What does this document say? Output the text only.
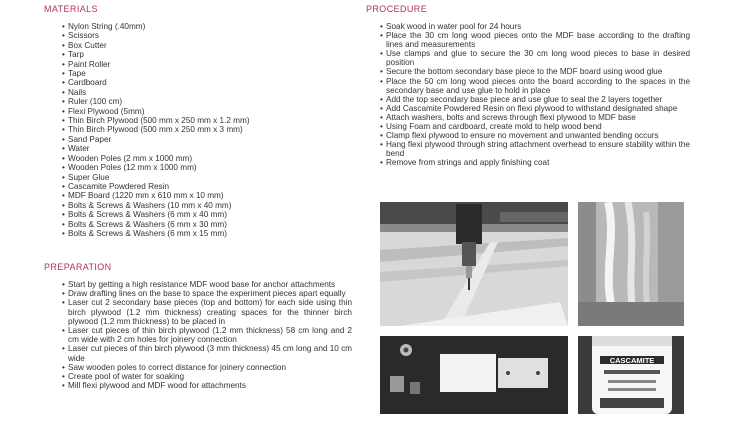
MATERIALS
• Nylon String (.40mm)
• Scissors
• Box Cutter
• Tarp
• Paint Roller
• Tape
• Cardboard
• Nails
• Ruler (100 cm)
• Flexi Plywood (5mm)
• Thin Birch Plywood (500 mm x 250 mm x 1.2 mm)
• Thin Birch Plywood (500 mm x 250 mm x 3 mm)
• Sand Paper
• Water
• Wooden Poles (2 mm x 1000 mm)
• Wooden Poles (12 mm x 1000 mm)
• Super Glue
• Cascamite Powdered Resin
• MDF Board (1220 mm x 610 mm x 10 mm)
• Bolts & Screws & Washers (10 mm x 40 mm)
• Bolts & Screws & Washers (6 mm x 40 mm)
• Bolts & Screws & Washers (6 mm x 30 mm)
• Bolts & Screws & Washers (6 mm x 15 mm)
PREPARATION
• Start by getting a high resistance MDF wood base for anchor attachments
• Draw drafting lines on the base to space the experiment pieces apart equally
• Laser cut 2 secondary base pieces (top and bottom) for each side using thin birch plywood (1.2 mm thickness) creating spaces for the thinner birch plywood (1.2 mm thickness) to be placed in
• Laser cut pieces of thin birch plywood (1.2 mm thickness) 58 cm long and 2 cm wide with 2 cm holes for joinery connection
• Laser cut pieces of thin birch plywood (3 mm thickness) 45 cm long and 10 cm wide
• Saw wooden poles to correct distance for joinery connection
• Create pool of water for soaking
• Mill flexi plywood and MDF wood for attachments
PROCEDURE
• Soak wood in water pool for 24 hours
• Place the 30 cm long wood pieces onto the MDF base according to the drafting lines and measurements
• Use clamps and glue to secure the 30 cm long wood pieces to base in desired position
• Secure the bottom secondary base piece to the MDF board using wood glue
• Place the 50 cm long wood pieces onto the board according to the spaces in the secondary base and use glue to hold in place
• Add the top secondary base piece and use glue to seal the 2 layers together
• Add Cascamite Powdered Resin on flexi plywood to withstand designated shape
• Attach washers, bolts and screws through flexi plywood to MDF base
• Using Foam and cardboard, create mold to help wood bend
• Clamp flexi plywood to ensure no movement and unwanted bending occurs
• Hang flexi plywood through string attachment overhead to ensure stability within the bend
• Remove from strings and apply finishing coat
CASCAMITE
